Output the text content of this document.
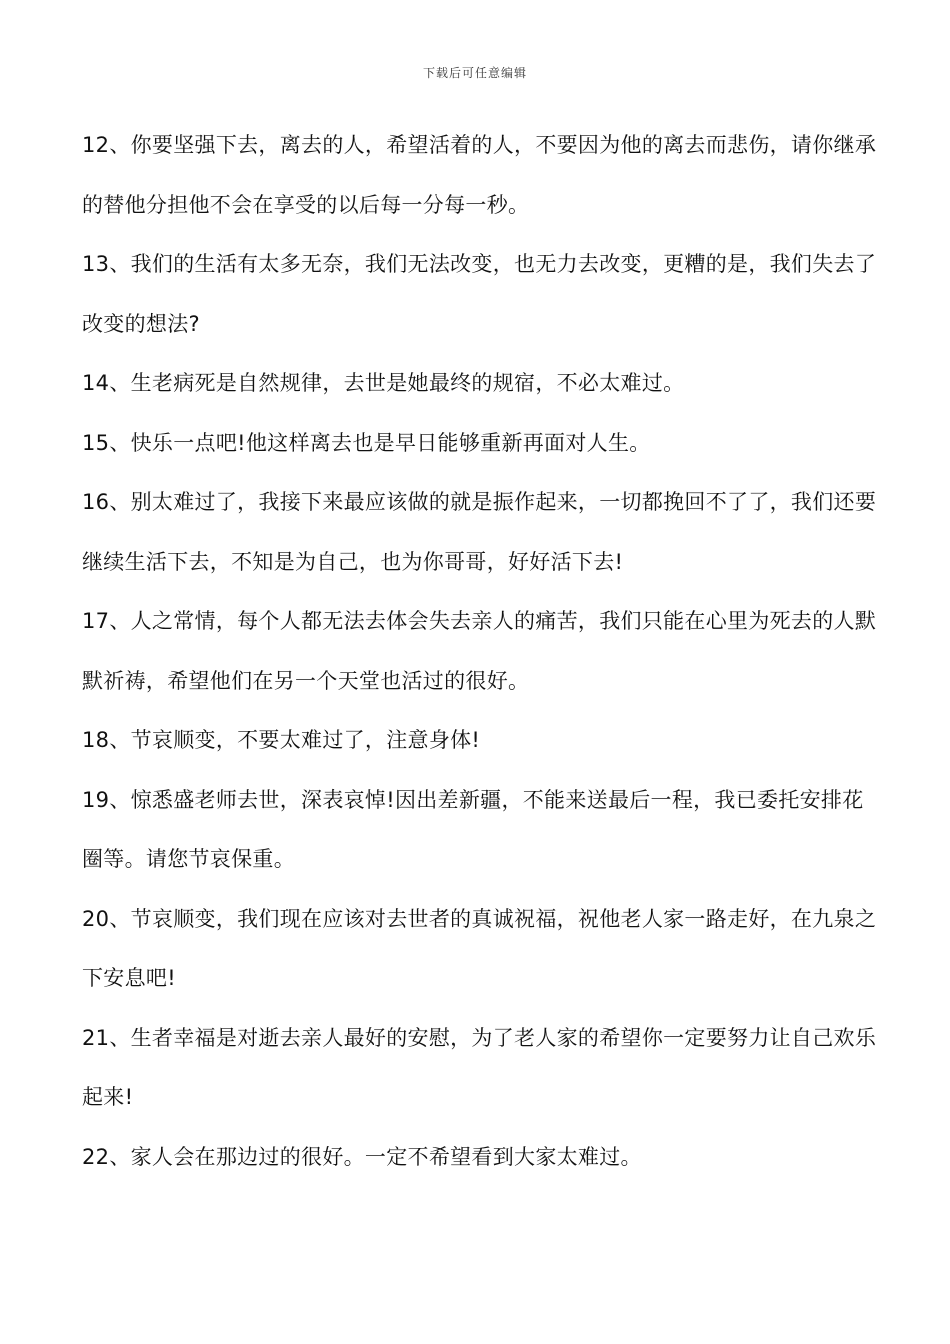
下载后可任意编辑

12、你要坚强下去，离去的人，希望活着的人，不要因为他的离去而悲伤，请你继承的替他分担他不会在享受的以后每一分每一秒。

13、我们的生活有太多无奈，我们无法改变，也无力去改变，更糟的是，我们失去了改变的想法?

14、生老病死是自然规律，去世是她最终的规宿，不必太难过。

15、快乐一点吧!他这样离去也是早日能够重新再面对人生。

16、别太难过了，我接下来最应该做的就是振作起来，一切都挽回不了了，我们还要继续生活下去，不知是为自己，也为你哥哥，好好活下去!

17、人之常情，每个人都无法去体会失去亲人的痛苦，我们只能在心里为死去的人默默祈祷，希望他们在另一个天堂也活过的很好。

18、节哀顺变，不要太难过了，注意身体!

19、惊悉盛老师去世，深表哀悼!因出差新疆，不能来送最后一程，我已委托安排花圈等。请您节哀保重。

20、节哀顺变，我们现在应该对去世者的真诚祝福，祝他老人家一路走好，在九泉之下安息吧!

21、生者幸福是对逝去亲人最好的安慰，为了老人家的希望你一定要努力让自己欢乐起来!

22、家人会在那边过的很好。一定不希望看到大家太难过。
